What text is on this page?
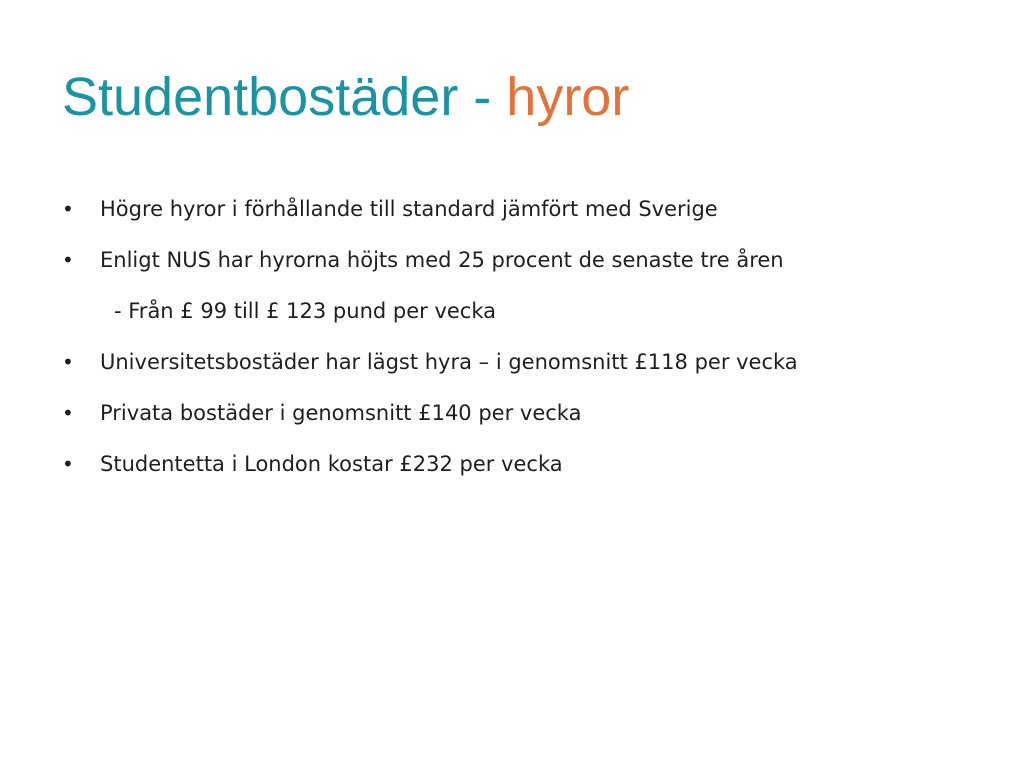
Studentbostäder - hyror
• Högre hyror i förhållande till standard jämfört med Sverige
• Enligt NUS har hyrorna höjts med 25 procent de senaste tre åren
- Från £ 99 till £ 123 pund per vecka
• Universitetsbostäder har lägst hyra – i genomsnitt £118 per vecka
• Privata bostäder i genomsnitt £140 per vecka
• Studentetta i London kostar £232 per vecka
